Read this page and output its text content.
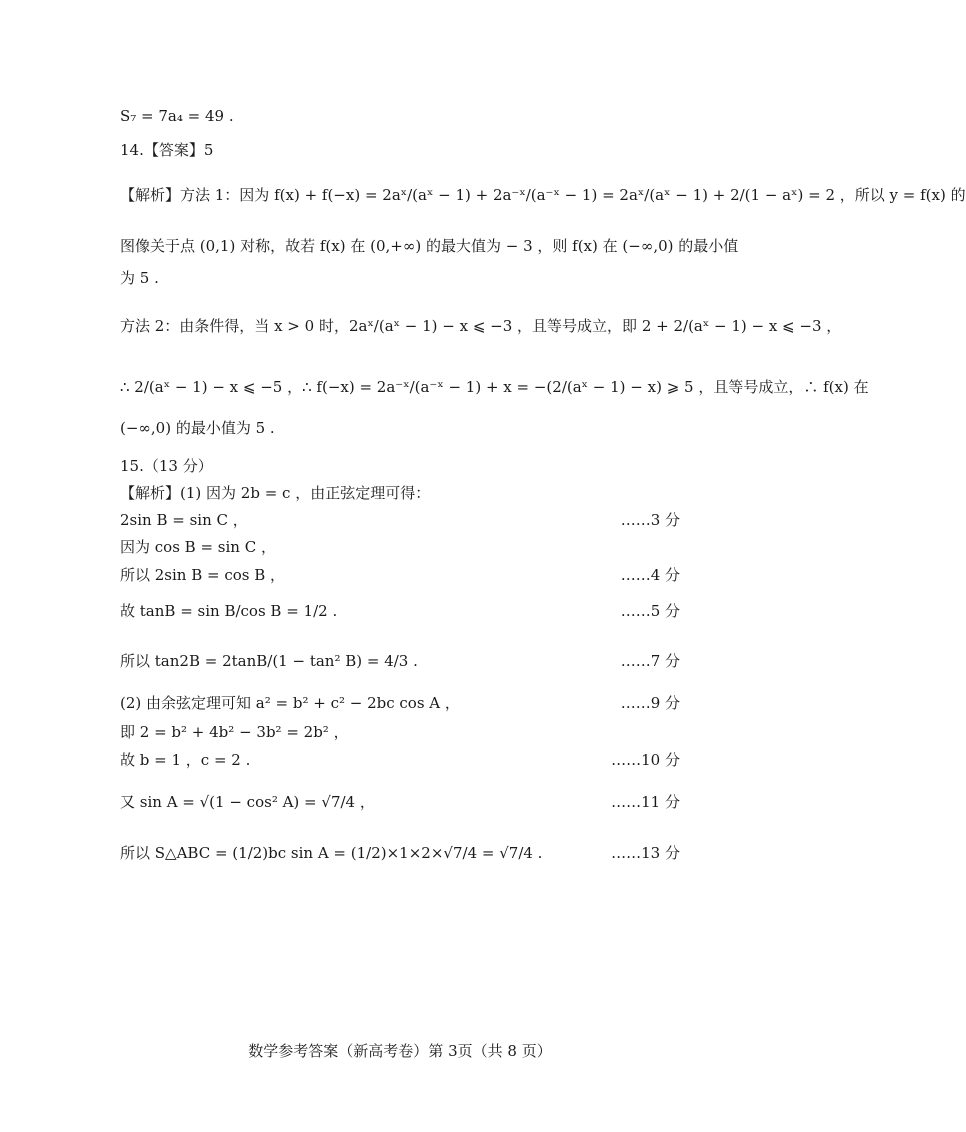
S₇ = 7a₄ = 49 .
14.【答案】5
【解析】方法 1：因为 f(x) + f(−x) = 2aˣ/(aˣ − 1) + 2a⁻ˣ/(a⁻ˣ − 1) = 2aˣ/(aˣ − 1) + 2/(1 − aˣ) = 2 ，所以 y = f(x) 的
图像关于点 (0,1) 对称，故若 f(x) 在 (0,+∞) 的最大值为 − 3 ，则 f(x) 在 (−∞,0) 的最小值
为 5 .
方法 2：由条件得，当 x > 0 时，2aˣ/(aˣ − 1) − x ⩽ −3 ，且等号成立，即 2 + 2/(aˣ − 1) − x ⩽ −3 ，
∴ 2/(aˣ − 1) − x ⩽ −5 ，∴ f(−x) = 2a⁻ˣ/(a⁻ˣ − 1) + x = −(2/(aˣ − 1) − x) ⩾ 5 ，且等号成立，∴ f(x) 在
(−∞,0) 的最小值为 5 .
15.（13 分）
【解析】(1) 因为 2b = c ，由正弦定理可得：
2sin B = sin C ，	……3 分
因为 cos B = sin C ，
所以 2sin B = cos B ，	……4 分
故 tanB = sin B/cos B = 1/2 .	……5 分
所以 tan2B = 2tanB/(1 − tan² B) = 4/3 .	……7 分
(2) 由余弦定理可知 a² = b² + c² − 2bc cos A ，	……9 分
即 2 = b² + 4b² − 3b² = 2b² ，
故 b = 1 ，c = 2 .	……10 分
又 sin A = √(1 − cos² A) = √7/4 ，	……11 分
所以 S△ABC = (1/2)bc sin A = (1/2)×1×2×√7/4 = √7/4 .	……13 分
数学参考答案（新高考卷）第 3页（共 8 页）
